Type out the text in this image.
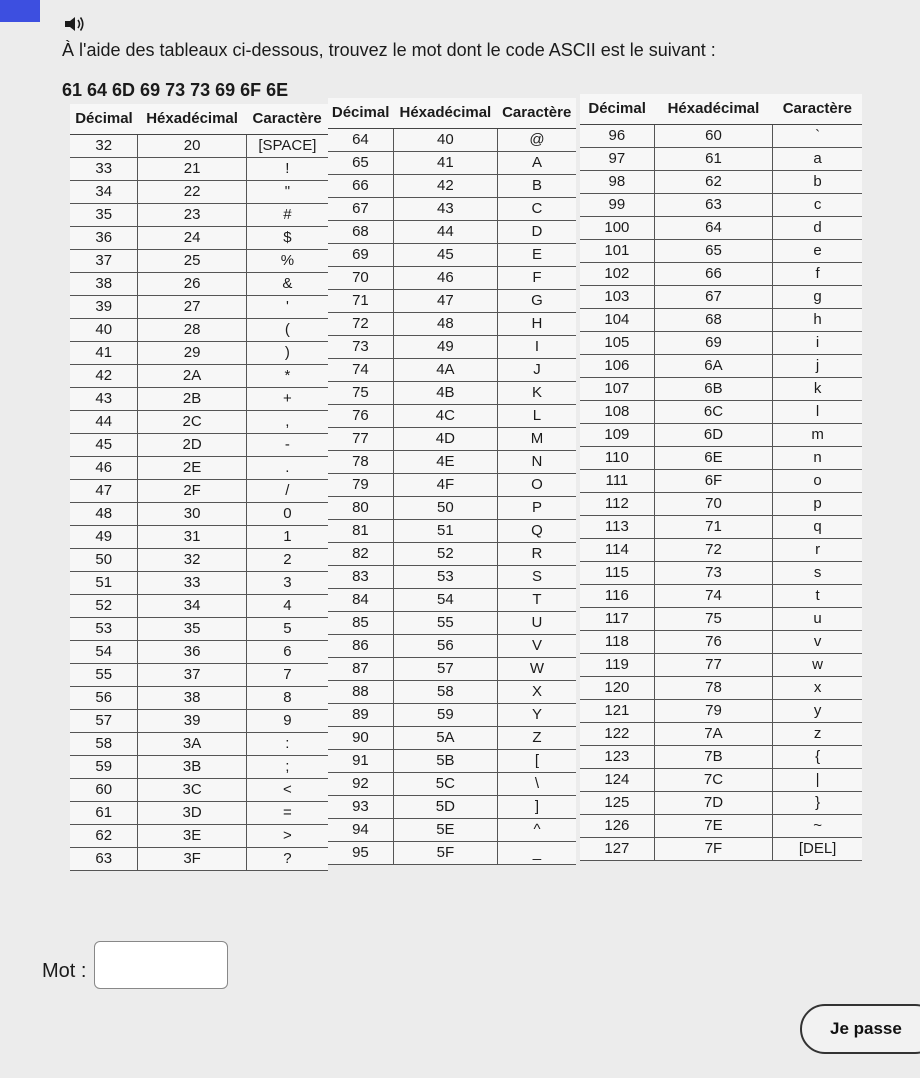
À l'aide des tableaux ci-dessous, trouvez le mot dont le code ASCII est le suivant :
61 64 6D 69 73 73 69 6F 6E
Décimal	Héxadécimal	Caractère
32	20	[SPACE]
33	21	!
34	22	"
35	23	#
36	24	$
37	25	%
38	26	&
39	27	'
40	28	(
41	29	)
42	2A	*
43	2B	+
44	2C	,
45	2D	-
46	2E	.
47	2F	/
48	30	0
49	31	1
50	32	2
51	33	3
52	34	4
53	35	5
54	36	6
55	37	7
56	38	8
57	39	9
58	3A	:
59	3B	;
60	3C	<
61	3D	=
62	3E	>
63	3F	?
Décimal	Héxadécimal	Caractère
64	40	@
65	41	A
66	42	B
67	43	C
68	44	D
69	45	E
70	46	F
71	47	G
72	48	H
73	49	I
74	4A	J
75	4B	K
76	4C	L
77	4D	M
78	4E	N
79	4F	O
80	50	P
81	51	Q
82	52	R
83	53	S
84	54	T
85	55	U
86	56	V
87	57	W
88	58	X
89	59	Y
90	5A	Z
91	5B	[
92	5C	\
93	5D	]
94	5E	^
95	5F	_
Décimal	Héxadécimal	Caractère
96	60	`
97	61	a
98	62	b
99	63	c
100	64	d
101	65	e
102	66	f
103	67	g
104	68	h
105	69	i
106	6A	j
107	6B	k
108	6C	l
109	6D	m
110	6E	n
111	6F	o
112	70	p
113	71	q
114	72	r
115	73	s
116	74	t
117	75	u
118	76	v
119	77	w
120	78	x
121	79	y
122	7A	z
123	7B	{
124	7C	|
125	7D	}
126	7E	~
127	7F	[DEL]
Mot :
Je passe
